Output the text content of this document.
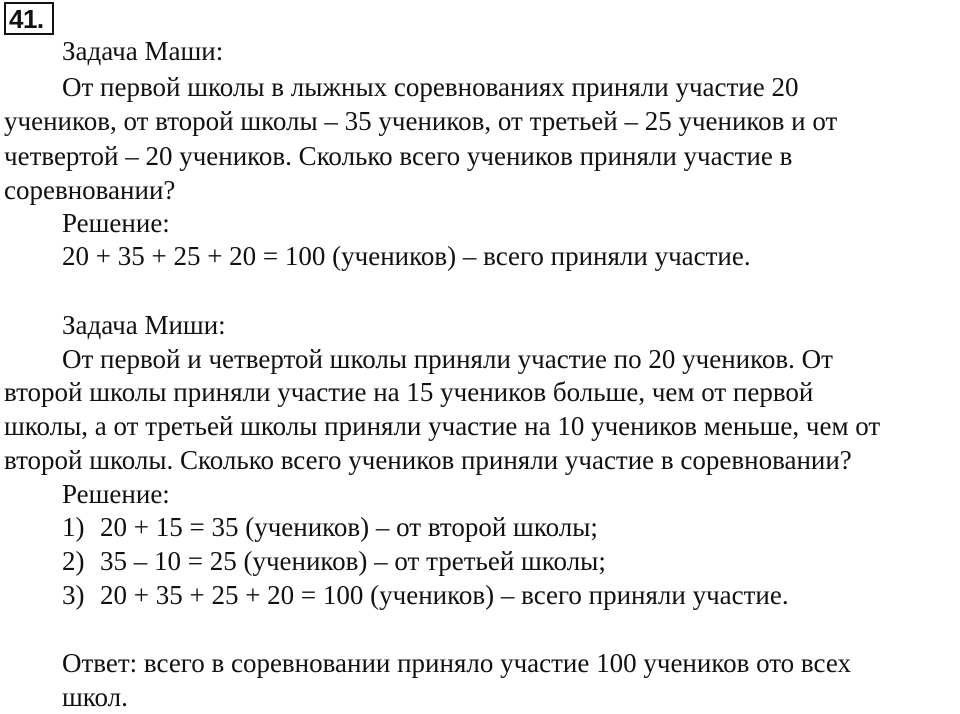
41.
Задача Маши:
От первой школы в лыжных соревнованиях приняли участие 20
учеников, от второй школы – 35 учеников, от третьей – 25 учеников и от
четвертой – 20 учеников. Сколько всего учеников приняли участие в
соревновании?
Решение:
20 + 35 + 25 + 20 = 100 (учеников) – всего приняли участие.
Задача Миши:
От первой и четвертой школы приняли участие по 20 учеников. От
второй школы приняли участие на 15 учеников больше, чем от первой
школы, а от третьей школы приняли участие на 10 учеников меньше, чем от
второй школы. Сколько всего учеников приняли участие в соревновании?
Решение:
1) 20 + 15 = 35 (учеников) – от второй школы;
2) 35 – 10 = 25 (учеников) – от третьей школы;
3) 20 + 35 + 25 + 20 = 100 (учеников) – всего приняли участие.
Ответ: всего в соревновании приняло участие 100 учеников ото всех
школ.
